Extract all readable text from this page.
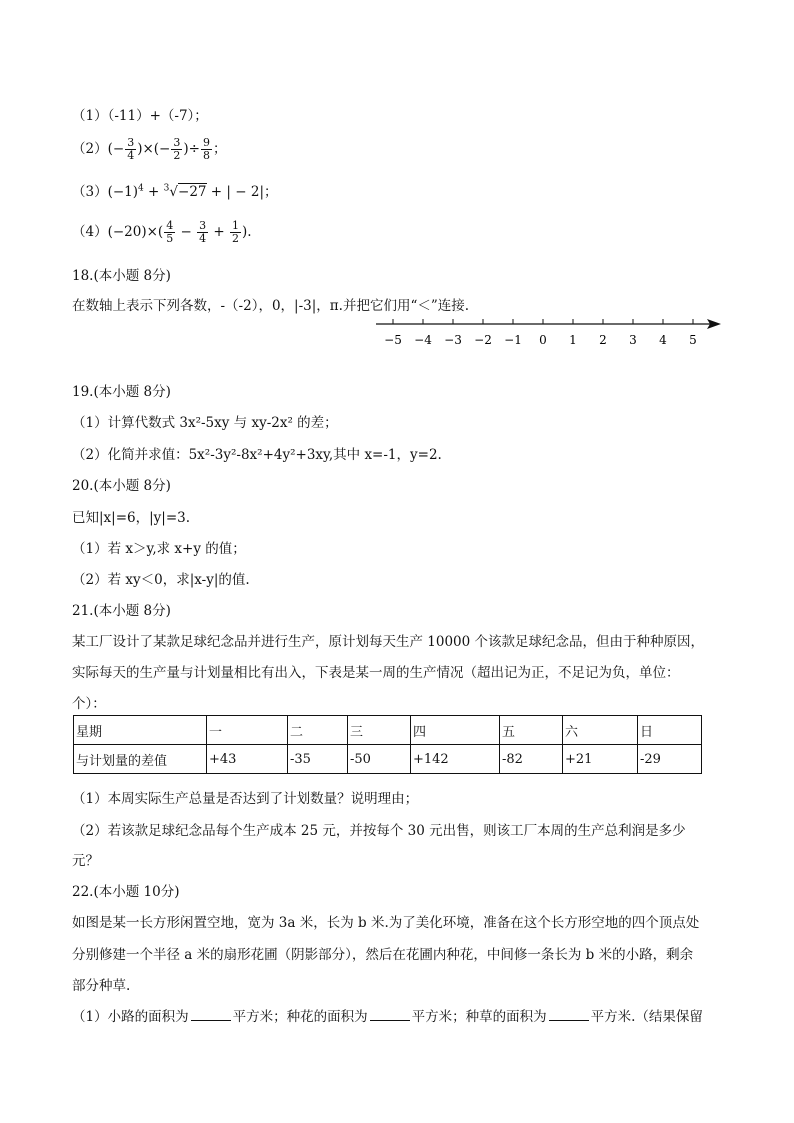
（1）（-11）+（-7）；
$(2)(- \frac{3}{4}$ )×(− $\frac{3}{2}$ )÷ $\frac{9}{8}$ ；
$(3)(-1)^4 + ^3√-27$ + | − 2|；
$(4)(-20)\times( \frac{4}{5} - \frac{3}{4} + \frac{1}{2}$ ).
18.(本小题 8分)
在数轴上表示下列各数，-（-2），0，|-3|，π.并把它们用“＜”连接.
−5 −4 −3 −2 −1 0 1 2 3 4 5
19.(本小题 8分)
（1）计算代数式 3x²-5xy 与 xy-2x² 的差；
（2）化简并求值：5x²-3y²-8x²+4y²+3xy,其中 x=-1，y=2.
20.(本小题 8分)
已知|x|=6，|y|=3.
（1）若 x＞y,求 x+y 的值；
（2）若 xy＜0，求|x-y|的值.
21.(本小题 8分)
某工厂设计了某款足球纪念品并进行生产，原计划每天生产 10000 个该款足球纪念品，但由于种种原因，
实际每天的生产量与计划量相比有出入，下表是某一周的生产情况（超出记为正，不足记为负，单位：
个）：
星期	一	二	三	四	五	六	日
与计划量的差值	+43	-35	-50	+142	-82	+21	-29
（1）本周实际生产总量是否达到了计划数量？说明理由；
（2）若该款足球纪念品每个生产成本 25 元，并按每个 30 元出售，则该工厂本周的生产总利润是多少
元？
22.(本小题 10分)
如图是某一长方形闲置空地，宽为 3a 米，长为 b 米.为了美化环境，准备在这个长方形空地的四个顶点处
分别修建一个半径 a 米的扇形花圃（阴影部分），然后在花圃内种花，中间修一条长为 b 米的小路，剩余
部分种草.
（1）小路的面积为	平方米；种花的面积为	平方米；种草的面积为	平方米.（结果保留
